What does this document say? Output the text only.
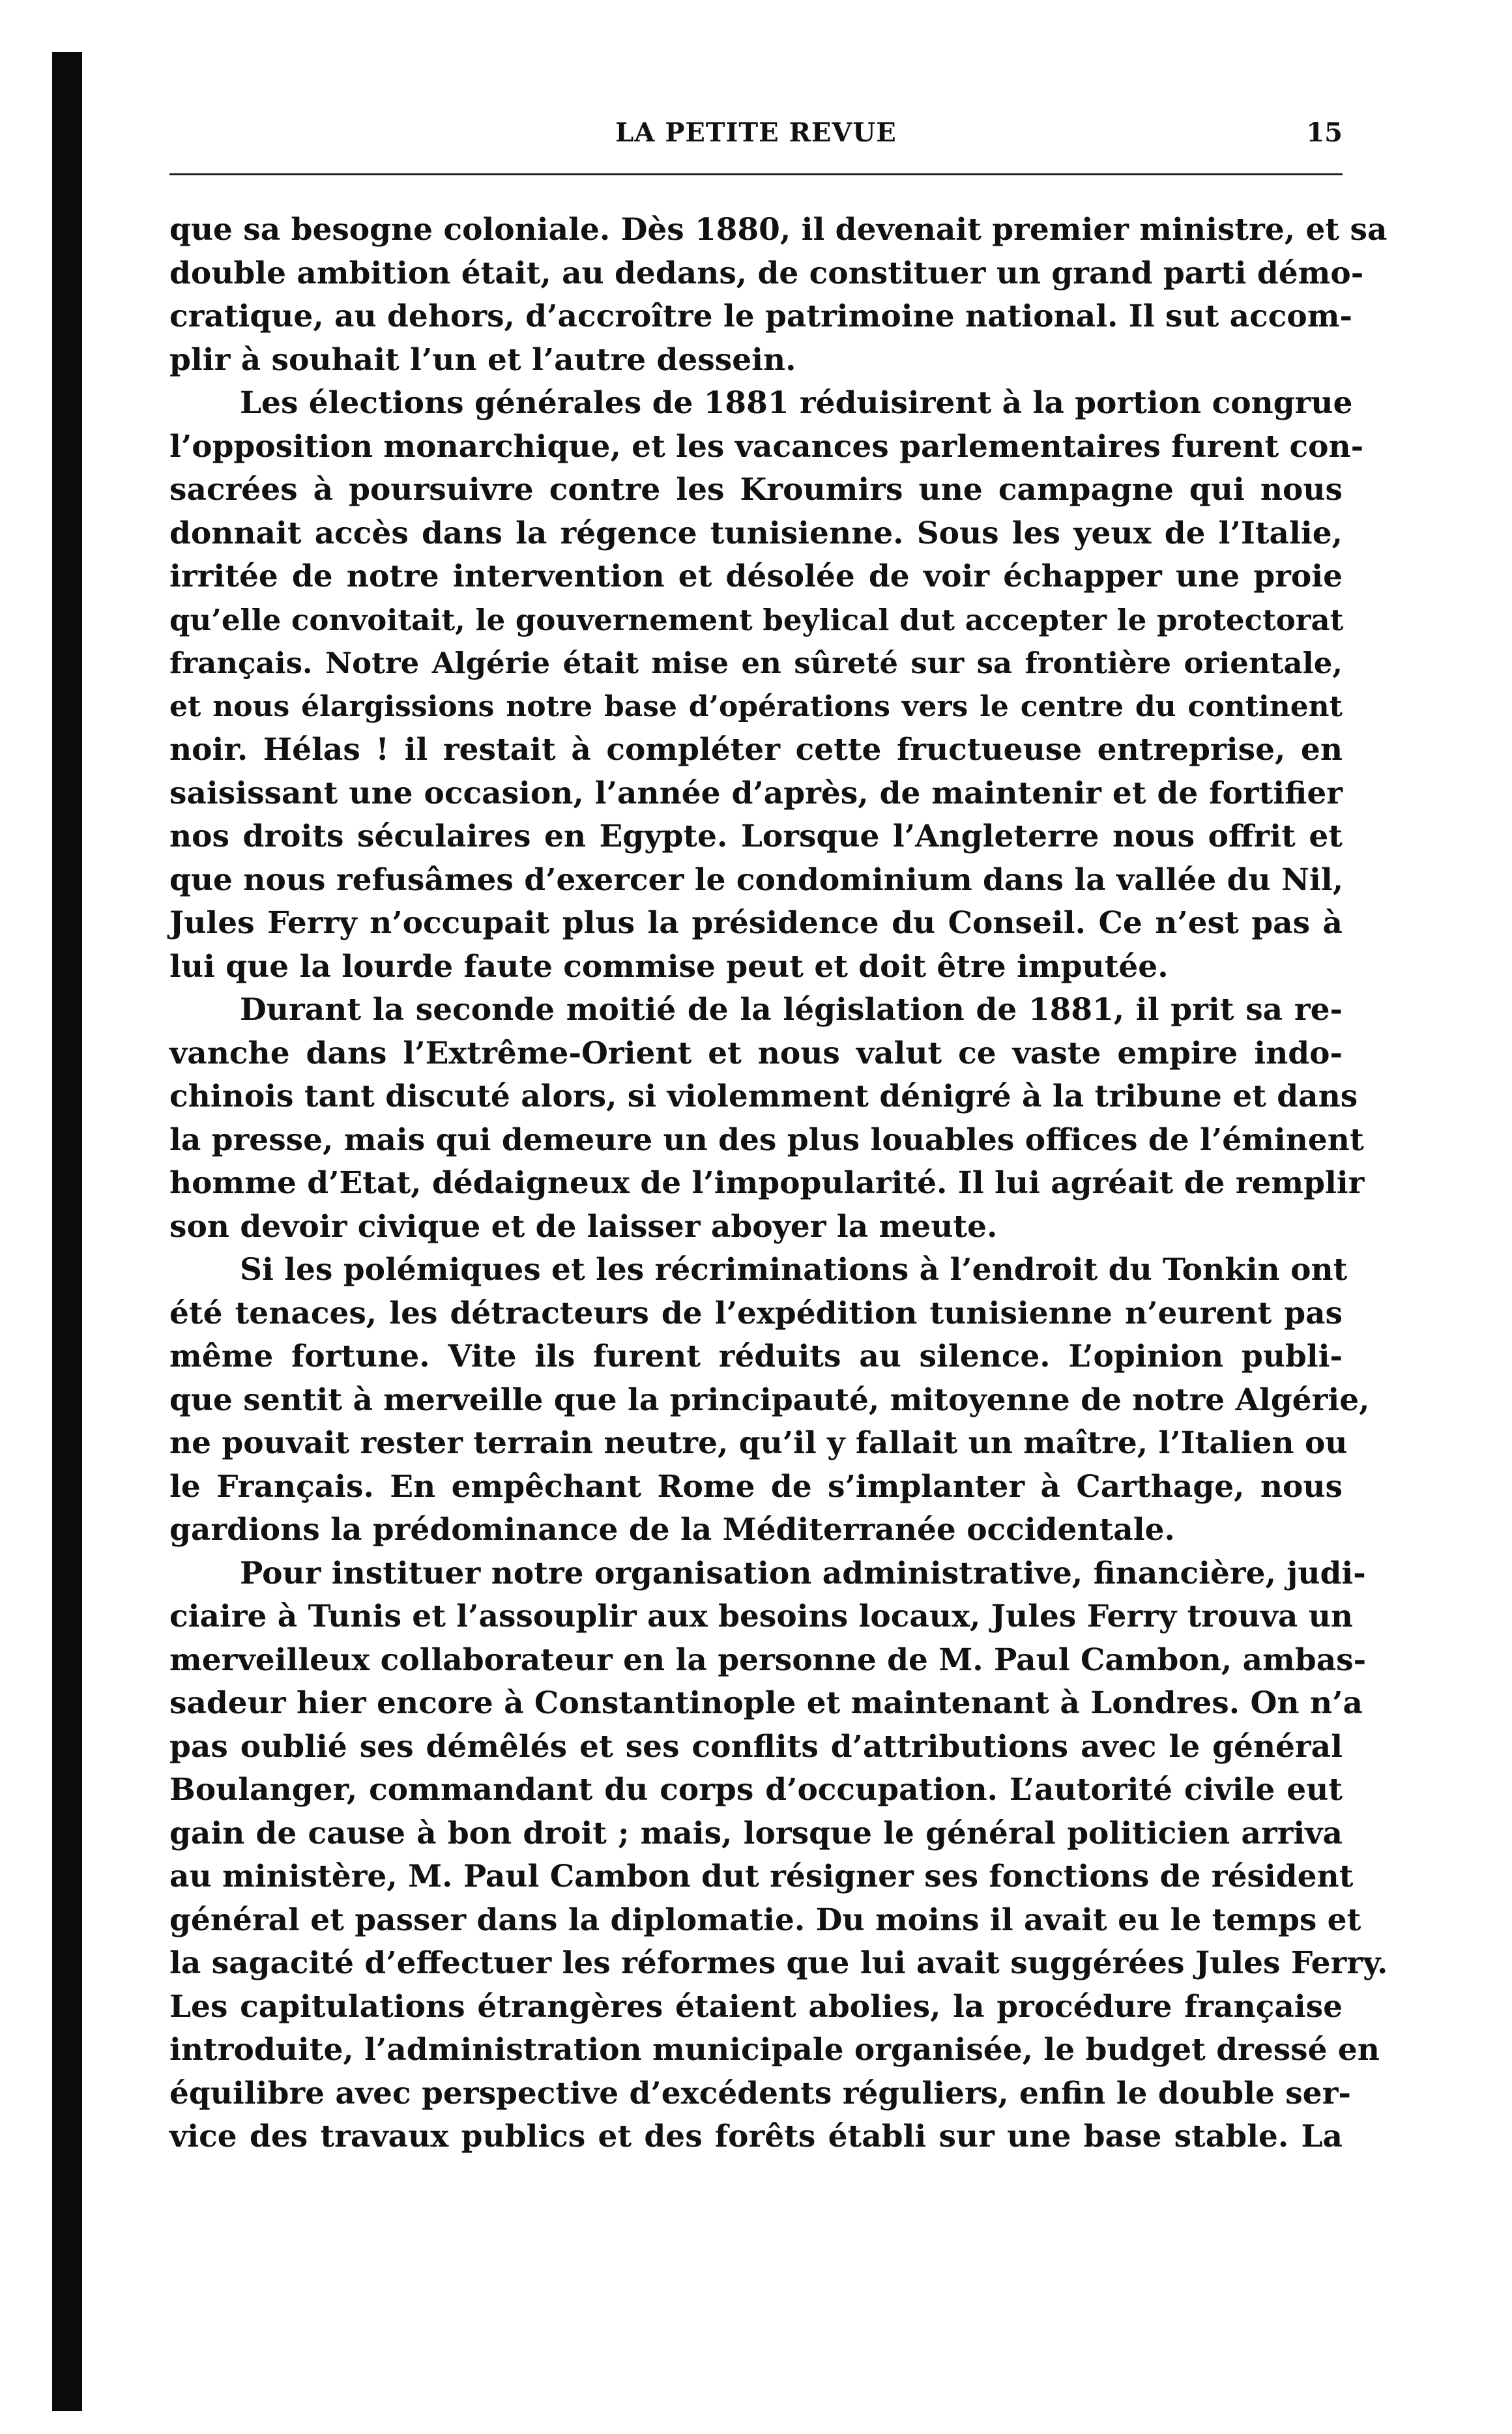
LA PETITE REVUE	15
que sa besogne coloniale. Dès 1880, il devenait premier ministre, et sa
double ambition était, au dedans, de constituer un grand parti démo-
cratique, au dehors, d’accroître le patrimoine national. Il sut accom-
plir à souhait l’un et l’autre dessein.
Les élections générales de 1881 réduisirent à la portion congrue
l’opposition monarchique, et les vacances parlementaires furent con-
sacrées à poursuivre contre les Kroumirs une campagne qui nous
donnait accès dans la régence tunisienne. Sous les yeux de l’Italie,
irritée de notre intervention et désolée de voir échapper une proie
qu’elle convoitait, le gouvernement beylical dut accepter le protectorat
français. Notre Algérie était mise en sûreté sur sa frontière orientale,
et nous élargissions notre base d’opérations vers le centre du continent
noir. Hélas ! il restait à compléter cette fructueuse entreprise, en
saisissant une occasion, l’année d’après, de maintenir et de fortifier
nos droits séculaires en Egypte. Lorsque l’Angleterre nous offrit et
que nous refusâmes d’exercer le condominium dans la vallée du Nil,
Jules Ferry n’occupait plus la présidence du Conseil. Ce n’est pas à
lui que la lourde faute commise peut et doit être imputée.
Durant la seconde moitié de la législation de 1881, il prit sa re-
vanche dans l’Extrême-Orient et nous valut ce vaste empire indo-
chinois tant discuté alors, si violemment dénigré à la tribune et dans
la presse, mais qui demeure un des plus louables offices de l’éminent
homme d’Etat, dédaigneux de l’impopularité. Il lui agréait de remplir
son devoir civique et de laisser aboyer la meute.
Si les polémiques et les récriminations à l’endroit du Tonkin ont
été tenaces, les détracteurs de l’expédition tunisienne n’eurent pas
même fortune. Vite ils furent réduits au silence. L’opinion publi-
que sentit à merveille que la principauté, mitoyenne de notre Algérie,
ne pouvait rester terrain neutre, qu’il y fallait un maître, l’Italien ou
le Français. En empêchant Rome de s’implanter à Carthage, nous
gardions la prédominance de la Méditerranée occidentale.
Pour instituer notre organisation administrative, financière, judi-
ciaire à Tunis et l’assouplir aux besoins locaux, Jules Ferry trouva un
merveilleux collaborateur en la personne de M. Paul Cambon, ambas-
sadeur hier encore à Constantinople et maintenant à Londres. On n’a
pas oublié ses démêlés et ses conflits d’attributions avec le général
Boulanger, commandant du corps d’occupation. L’autorité civile eut
gain de cause à bon droit ; mais, lorsque le général politicien arriva
au ministère, M. Paul Cambon dut résigner ses fonctions de résident
général et passer dans la diplomatie. Du moins il avait eu le temps et
la sagacité d’effectuer les réformes que lui avait suggérées Jules Ferry.
Les capitulations étrangères étaient abolies, la procédure française
introduite, l’administration municipale organisée, le budget dressé en
équilibre avec perspective d’excédents réguliers, enfin le double ser-
vice des travaux publics et des forêts établi sur une base stable. La
